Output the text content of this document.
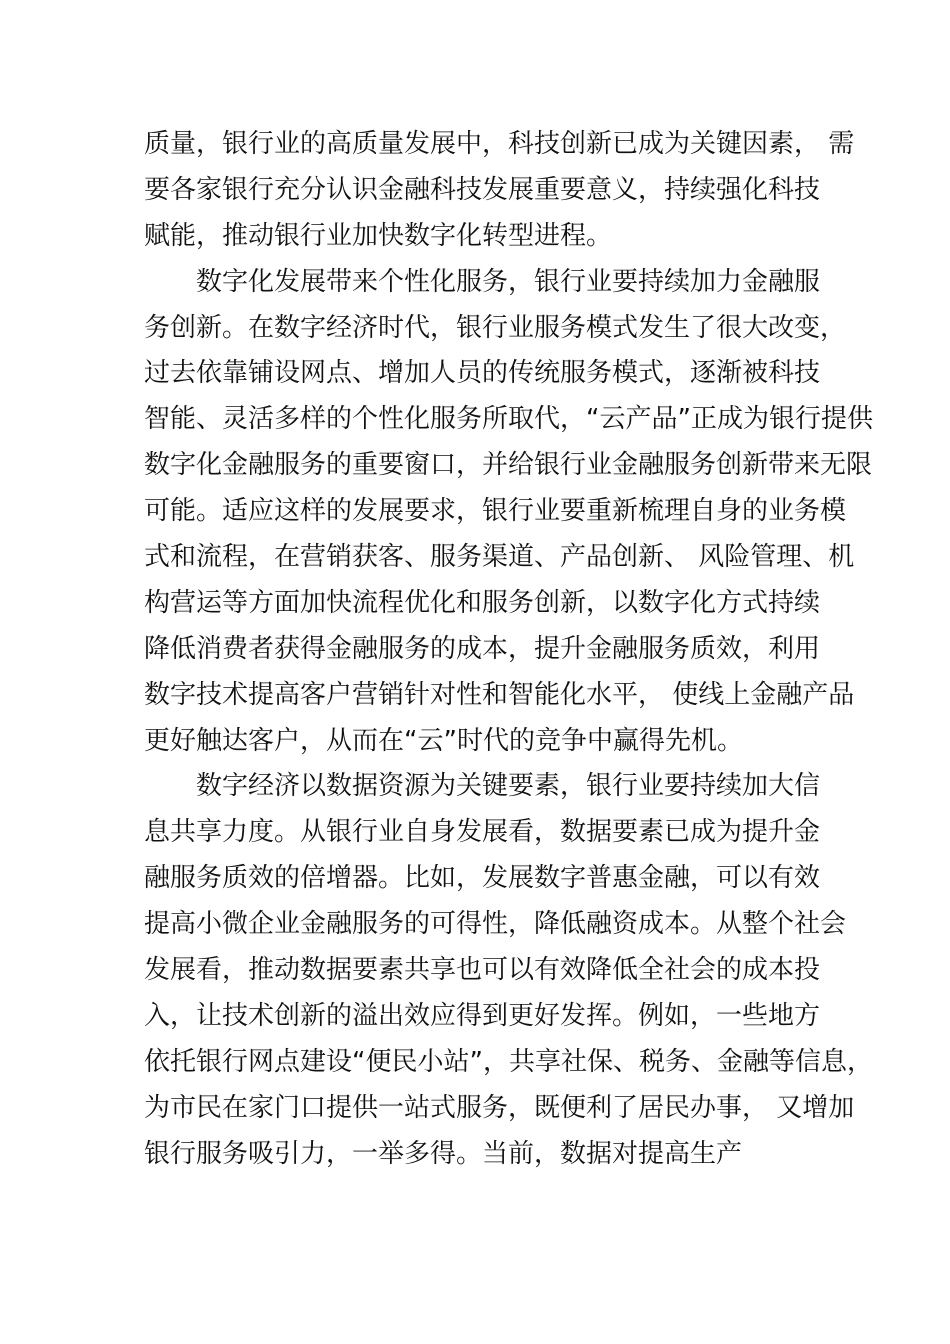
质量，银行业的高质量发展中，科技创新已成为关键因素， 需
要各家银行充分认识金融科技发展重要意义，持续强化科技
赋能，推动银行业加快数字化转型进程。
数字化发展带来个性化服务，银行业要持续加力金融服
务创新。在数字经济时代，银行业服务模式发生了很大改变，
过去依靠铺设网点、增加人员的传统服务模式，逐渐被科技
智能、灵活多样的个性化服务所取代，“云产品”正成为银行提供
数字化金融服务的重要窗口，并给银行业金融服务创新带来无限
可能。适应这样的发展要求，银行业要重新梳理自身的业务模
式和流程，在营销获客、服务渠道、产品创新、 风险管理、机
构营运等方面加快流程优化和服务创新，以数字化方式持续
降低消费者获得金融服务的成本，提升金融服务质效，利用
数字技术提高客户营销针对性和智能化水平， 使线上金融产品
更好触达客户，从而在“云”时代的竞争中赢得先机。
数字经济以数据资源为关键要素，银行业要持续加大信
息共享力度。从银行业自身发展看，数据要素已成为提升金
融服务质效的倍增器。比如，发展数字普惠金融，可以有效
提高小微企业金融服务的可得性，降低融资成本。从整个社会
发展看，推动数据要素共享也可以有效降低全社会的成本投
入，让技术创新的溢出效应得到更好发挥。例如，一些地方
依托银行网点建设“便民小站”，共享社保、税务、金融等信息，
为市民在家门口提供一站式服务，既便利了居民办事， 又增加
银行服务吸引力，一举多得。当前，数据对提高生产
